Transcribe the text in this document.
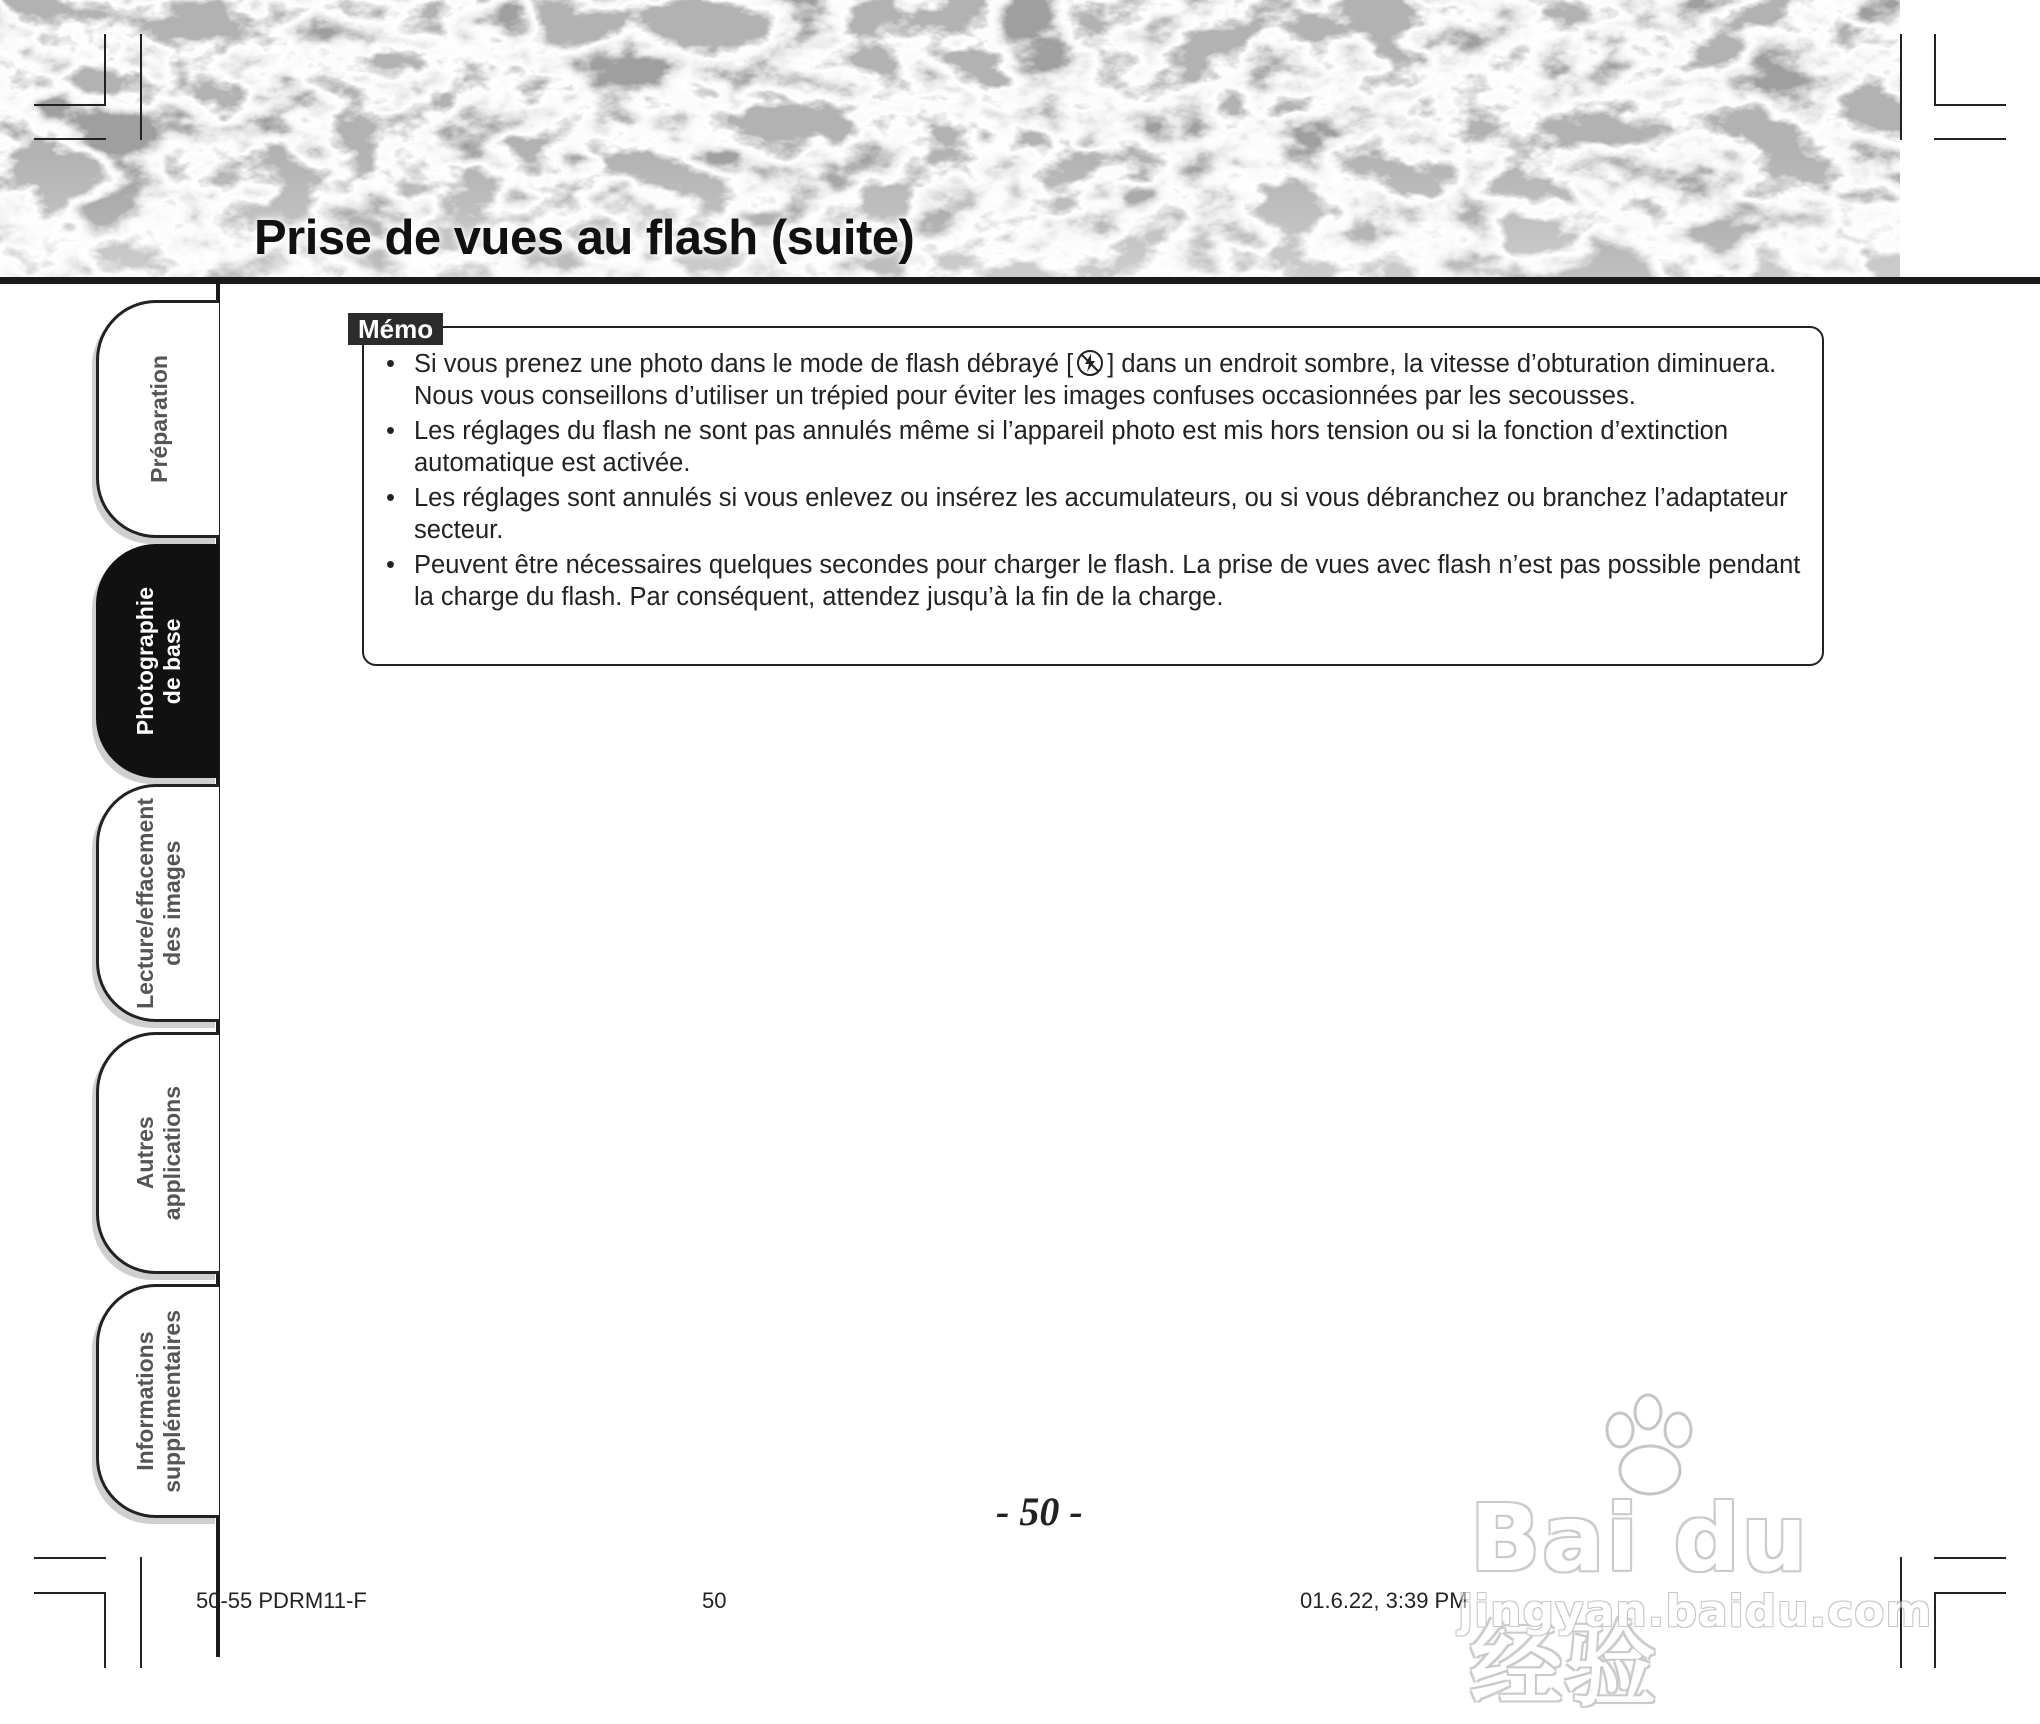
Prise de vues au flash (suite)
Préparation
Photographie
de base
Lecture/effacement
des images
Autres
applications
Informations
supplémentaires
Mémo
• Si vous prenez une photo dans le mode de flash débrayé [ ] dans un endroit sombre, la vitesse d’obturation diminuera. Nous vous conseillons d’utiliser un trépied pour éviter les images confuses occasionnées par les secousses.
• Les réglages du flash ne sont pas annulés même si l’appareil photo est mis hors tension ou si la fonction d’extinction automatique est activée.
• Les réglages sont annulés si vous enlevez ou insérez les accumulateurs, ou si vous débranchez ou branchez l’adaptateur secteur.
• Peuvent être nécessaires quelques secondes pour charger le flash. La prise de vues avec flash n’est pas possible pendant la charge du flash. Par conséquent, attendez jusqu’à la fin de la charge.
- 50 -
50-55 PDRM11-F	50	01.6.22, 3:39 PM
Bai du 经验
jingyan.baidu.com
